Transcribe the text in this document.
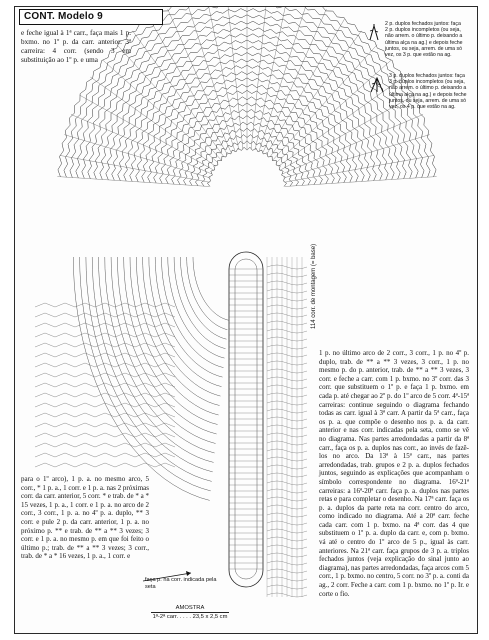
CONT. Modelo 9
e feche igual à 1ª carr., faça mais 1 p. bxmo. no 1º p. da carr. anterior. 3ª carreira: 4 corr. (sendo 3 em substituição ao 1º p. e uma
2 p. duplos fechados juntos: faça 2 p. duplos incompletos (ou seja, não arrem. o último p. deixando a última alça na ag.) e depois feche juntos, ou seja, arrem. de uma só vez, os 3 p. que estão na ag.
3 p. duplos fechados juntos: faça 3 p. duplos incompletos (ou seja, não arrem. o último p. deixando a última alça na ag.) e depois feche juntos, ou seja, arrem. de uma só vez, os 4 p. que estão na ag.
114 corr. de montagem (= base)
1 p. no último arco de 2 corr., 3 corr., 1 p. no 4º p. duplo, trab. de ** a ** 3 vezes, 3 corr., 1 p. no mesmo p. do p. anterior, trab. de ** a ** 3 vezes, 3 corr. e feche a carr. com 1 p. bxmo. no 3º corr. das 3 corr. que substituem o 1º p. e faça 1 p. bxmo. em cada p. até chegar ao 2º p. do 1º arco de 5 corr. 4ª-15ª carreiras: continue seguindo o diagrama fechando todas as carr. igual à 3ª carr. A partir da 5ª carr., faça os p. a. que compõe o desenho nos p. a. da carr. anterior e nas corr. indicadas pela seta, como se vê no diagrama. Nas partes arredondadas a partir da 8ª carr., faça os p. a. duplos nas corr., ao invés de fazê-los no arco. Da 13ª à 15ª carr., nas partes arredondadas, trab. grupos e 2 p. a. duplos fechados juntos, seguindo as explicações que acompanham o símbolo correspondente no diagrama. 16ª-21ª carreiras: a 16ª-20ª carr. faça p. a. duplos nas partes retas e para completar o desenho. Na 17ª carr. faça os p. a. duplos da parte reta na corr. centro do arco, como indicado no diagrama. Até a 20ª carr. feche cada carr. com 1 p. bxmo. na 4ª corr. das 4 que substituem o 1º p. a. duplo da carr. e, com p. bxmo. vá até o centro do 1º arco de 5 p., igual às carr. anteriores. Na 21ª carr. faça grupos de 3 p. a. triplos fechados juntos (veja explicação do sinal junto ao diagrama), nas partes arredondadas, faça arcos com 5 corr., 1 p. bxmo. no centro, 5 corr. no 3º p. a. conti da ag., 2 corr. Feche a carr. com 1 p. bxmo. no 1º p. Ir. e corte o fio.
para o 1º arco), 1 p. a. no mesmo arco, 5 corr., * 1 p. a., 1 corr. e 1 p. a. nas 2 próximas corr. da carr. anterior, 5 corr. * e trab. de * a * 15 vezes, 1 p. a., 1 corr. e 1 p. a. no arco de 2 corr., 3 corr., 1 p. a. no 4º p. a. duplo, ** 3 corr. e pule 2 p. da carr. anterior, 1 p. a. no próximo p. ** e trab. de ** a ** 3 vezes; 3 corr. e 1 p. a. no mesmo p. em que foi feito o último p.; trab. de ** a ** 3 vezes; 3 corr., trab. de * a * 16 vezes, 1 p. a., 1 corr. e
faça p. na corr. indicada pela seta
AMOSTRA
1ª-2ª carr. . . . . 23,5 x 2,5 cm
